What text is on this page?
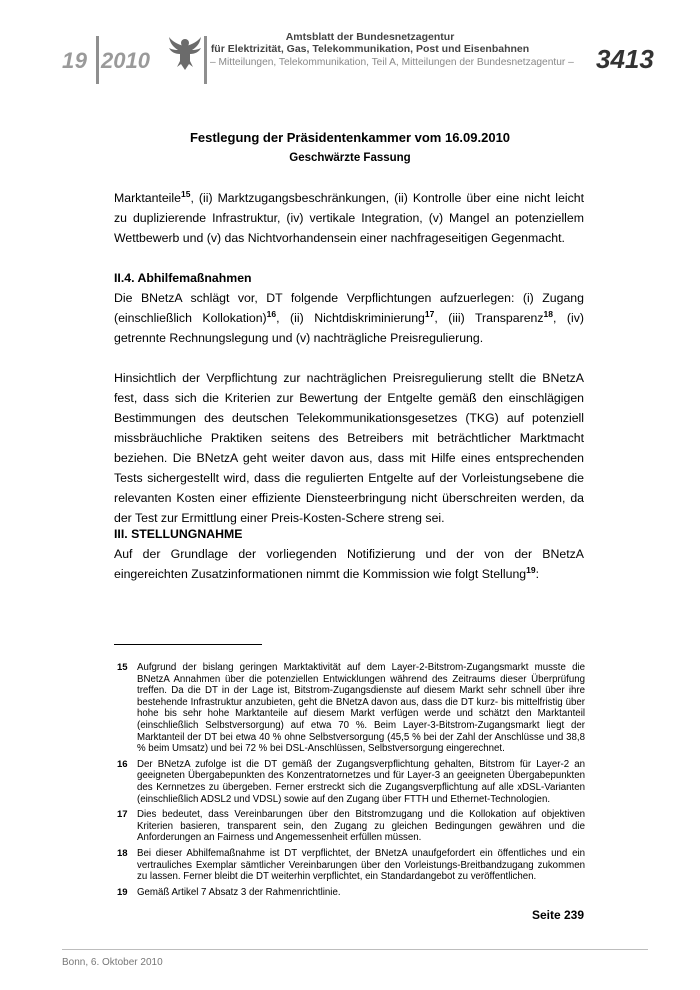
19 2010
Amtsblatt der Bundesnetzagentur
für Elektrizität, Gas, Telekommunikation, Post und Eisenbahnen
– Mitteilungen, Telekommunikation, Teil A, Mitteilungen der Bundesnetzagentur – 3413
Festlegung der Präsidentenkammer vom 16.09.2010
Geschwärzte Fassung

Marktanteile$^{15}$, (ii) Marktzugangsbeschränkungen, (ii) Kontrolle über eine nicht leicht zu duplizierende Infrastruktur, (iv) vertikale Integration, (v) Mangel an potenziellem Wettbewerb und (v) das Nichtvorhandensein einer nachfrageseitigen Gegenmacht.

II.4. Abhilfemaßnahmen

Die BNetzA schlägt vor, DT folgende Verpflichtungen aufzuerlegen: (i) Zugang (einschließlich Kollokation)$^{16}$, (ii) Nichtdiskriminierung$^{17}$, (iii) Transparenz$^{18}$, (iv) getrennte Rechnungslegung und (v) nachträgliche Preisregulierung.

Hinsichtlich der Verpflichtung zur nachträglichen Preisregulierung stellt die BNetzA fest, dass sich die Kriterien zur Bewertung der Entgelte gemäß den einschlägigen Bestimmungen des deutschen Telekommunikationsgesetzes (TKG) auf potenziell missbräuchliche Praktiken seitens des Betreibers mit beträchtlicher Marktmacht beziehen. Die BNetzA geht weiter davon aus, dass mit Hilfe eines entsprechenden Tests sichergestellt wird, dass die regulierten Entgelte auf der Vorleistungsebene die relevanten Kosten einer effiziente Diensteerbringung nicht überschreiten werden, da der Test zur Ermittlung einer Preis-Kosten-Schere streng sei.

III. STELLUNGNAHME

Auf der Grundlage der vorliegenden Notifizierung und der von der BNetzA eingereichten Zusatzinformationen nimmt die Kommission wie folgt Stellung$^{19}$:

15 Aufgrund der bislang geringen Marktaktivität auf dem Layer-2-Bitstrom-Zugangsmarkt musste die BNetzA Annahmen über die potenziellen Entwicklungen während des Zeitraums dieser Überprüfung treffen. Da die DT in der Lage ist, Bitstrom-Zugangsdienste auf diesem Markt sehr schnell über ihre bestehende Infrastruktur anzubieten, geht die BNetzA davon aus, dass die DT kurz- bis mittelfristig über hohe bis sehr hohe Marktanteile auf diesem Markt verfügen werde und schätzt den Marktanteil (einschließlich Selbstversorgung) auf etwa 70 %. Beim Layer-3-Bitstrom-Zugangsmarkt liegt der Marktanteil der DT bei etwa 40 % ohne Selbstversorgung (45,5 % bei der Zahl der Anschlüsse und 38,8 % beim Umsatz) und bei 72 % bei DSL-Anschlüssen, Selbstversorgung eingerechnet.
16 Der BNetzA zufolge ist die DT gemäß der Zugangsverpflichtung gehalten, Bitstrom für Layer-2 an geeigneten Übergabepunkten des Konzentratornetzes und für Layer-3 an geeigneten Übergabepunkten des Kernnetzes zu übergeben. Ferner erstreckt sich die Zugangsverpflichtung auf alle xDSL-Varianten (einschließlich ADSL2 und VDSL) sowie auf den Zugang über FTTH und Ethernet-Technologien.
17 Dies bedeutet, dass Vereinbarungen über den Bitstromzugang und die Kollokation auf objektiven Kriterien basieren, transparent sein, den Zugang zu gleichen Bedingungen gewähren und die Anforderungen an Fairness und Angemessenheit erfüllen müssen.
18 Bei dieser Abhilfemaßnahme ist DT verpflichtet, der BNetzA unaufgefordert ein öffentliches und ein vertrauliches Exemplar sämtlicher Vereinbarungen über den Vorleistungs-Breitbandzugang zukommen zu lassen. Ferner bleibt die DT weiterhin verpflichtet, ein Standardangebot zu veröffentlichen.
19 Gemäß Artikel 7 Absatz 3 der Rahmenrichtlinie.
Seite 239
Bonn, 6. Oktober 2010
